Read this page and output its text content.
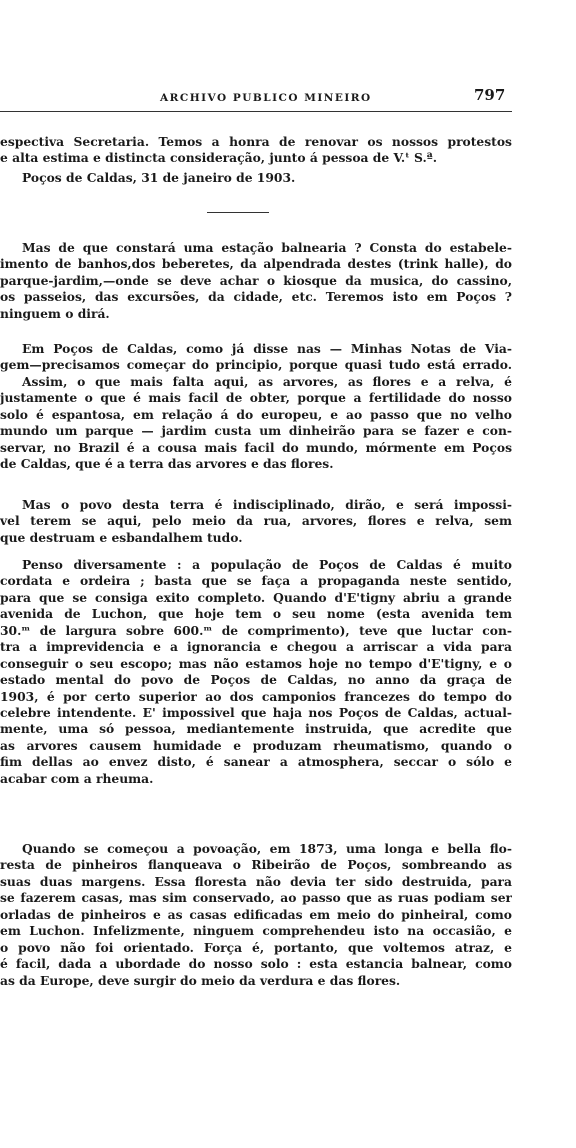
ARCHIVO PUBLICO MINEIRO	797
espectiva Secretaria. Temos a honra de renovar os nossos protestos
e alta estima e distincta consideração, junto á pessoa de V.ᵗ S.ª.
Poços de Caldas, 31 de janeiro de 1903.
Mas de que constará uma estação balnearia ? Consta do estabele-
imento de banhos,dos beberetes, da alpendrada destes (trink halle), do
parque-jardim,—onde se deve achar o kiosque da musica, do cassino,
os passeios, das excursões, da cidade, etc. Teremos isto em Poços ?
ninguem o dirá.
Em Poços de Caldas, como já disse nas — Minhas Notas de Via-
gem—precisamos começar do principio, porque quasi tudo está errado.
Assim, o que mais falta aqui, as arvores, as flores e a relva, é
justamente o que é mais facil de obter, porque a fertilidade do nosso
solo é espantosa, em relação á do europeu, e ao passo que no velho
mundo um parque — jardim custa um dinheirão para se fazer e con-
servar, no Brazil é a cousa mais facil do mundo, mórmente em Poços
de Caldas, que é a terra das arvores e das flores.
Mas o povo desta terra é indisciplinado, dirão, e será impossi-
vel terem se aqui, pelo meio da rua, arvores, flores e relva, sem
que destruam e esbandalhem tudo.
Penso diversamente : a população de Poços de Caldas é muito
cordata e ordeira ; basta que se faça a propaganda neste sentido,
para que se consiga exito completo. Quando d'E'tigny abriu a grande
avenida de Luchon, que hoje tem o seu nome (esta avenida tem
30.ᵐ de largura sobre 600.ᵐ de comprimento), teve que luctar con-
tra a imprevidencia e a ignorancia e chegou a arriscar a vida para
conseguir o seu escopo; mas não estamos hoje no tempo d'E'tigny, e o
estado mental do povo de Poços de Caldas, no anno da graça de
1903, é por certo superior ao dos camponios francezes do tempo do
celebre intendente. E' impossivel que haja nos Poços de Caldas, actual-
mente, uma só pessoa, mediantemente instruida, que acredite que
as arvores causem humidade e produzam rheumatismo, quando o
fim dellas ao envez disto, é sanear a atmosphera, seccar o sólo e
acabar com a rheuma.
Quando se começou a povoação, em 1873, uma longa e bella flo-
resta de pinheiros flanqueava o Ribeirão de Poços, sombreando as
suas duas margens. Essa floresta não devia ter sido destruida, para
se fazerem casas, mas sim conservado, ao passo que as ruas podiam ser
orladas de pinheiros e as casas edificadas em meio do pinheiral, como
em Luchon. Infelizmente, ninguem comprehendeu isto na occasião, e
o povo não foi orientado. Força é, portanto, que voltemos atraz, e
é facil, dada a ubordade do nosso solo : esta estancia balnear, como
as da Europe, deve surgir do meio da verdura e das flores.
